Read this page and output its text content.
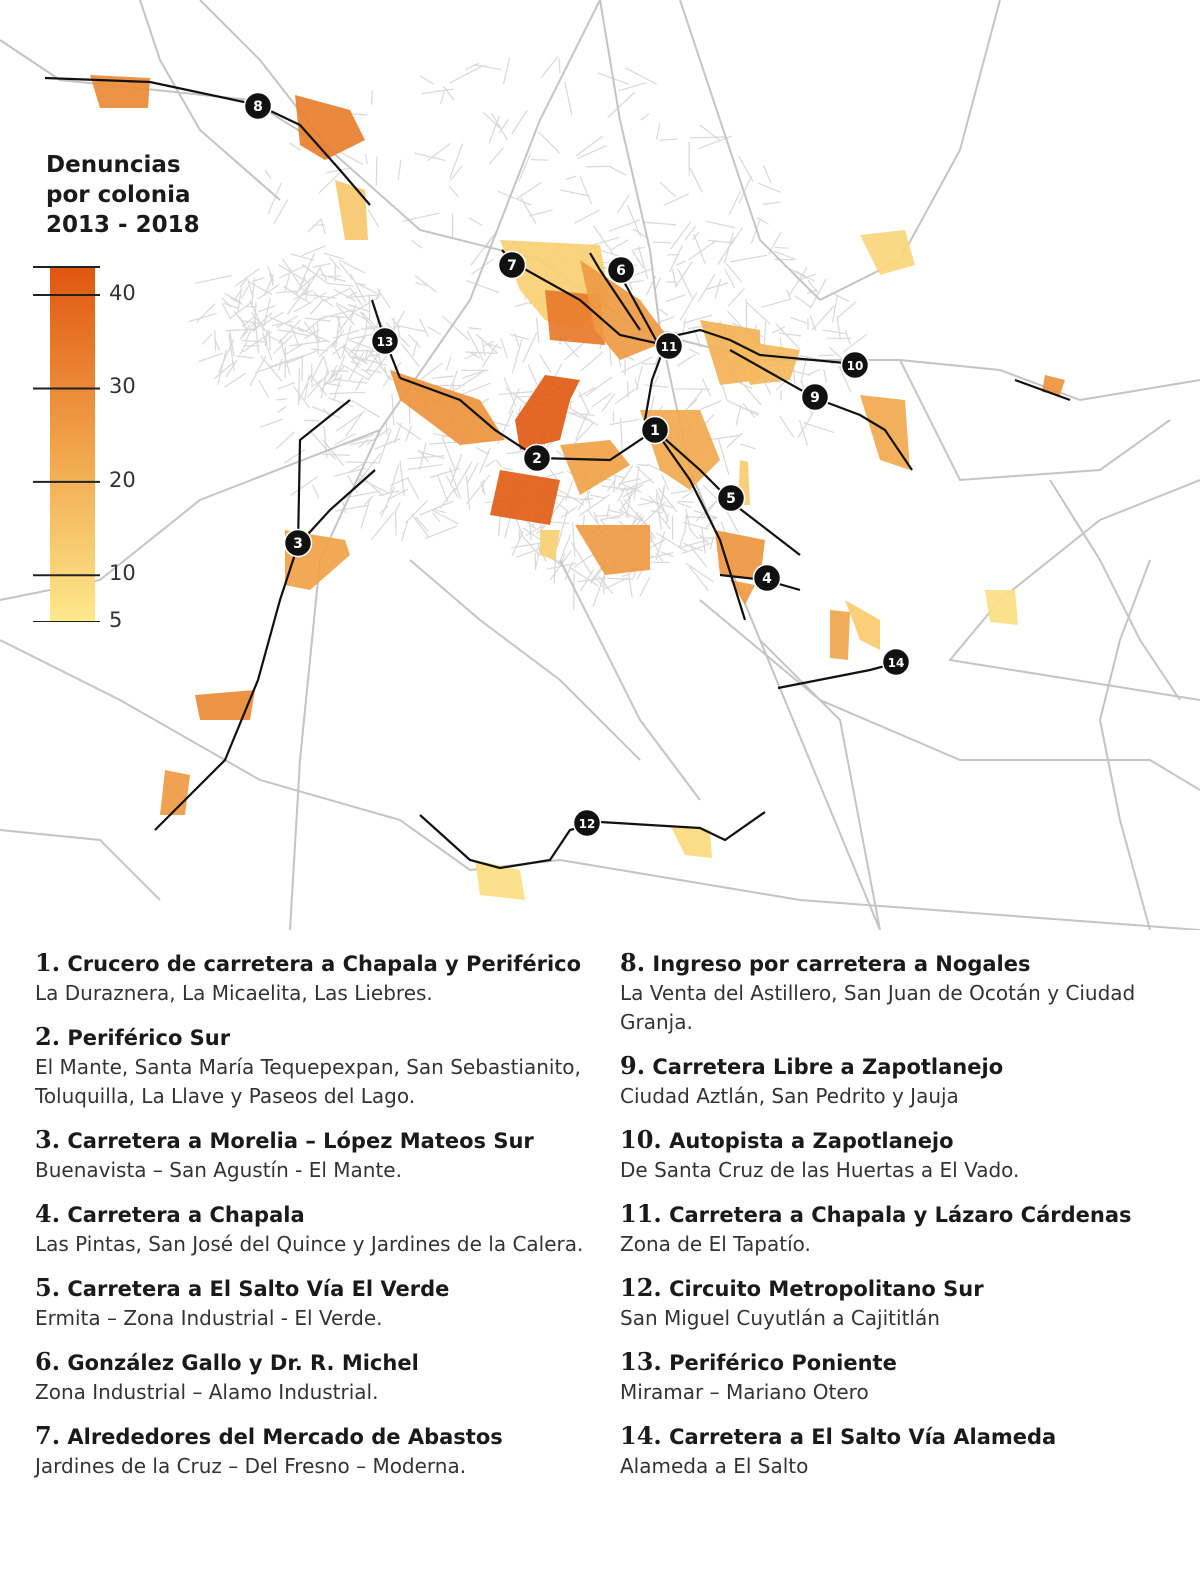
1
2
3
4
5
6
7
8
9
10
11
12
13
14
Denuncias
por colonia
2013 - 2018
40
30
20
10
5
1. Crucero de carretera a Chapala y Periférico
La Duraznera, La Micaelita, Las Liebres.
2. Periférico Sur
El Mante, Santa María Tequepexpan, San Sebastianito, Toluquilla, La Llave y Paseos del Lago.
3. Carretera a Morelia – López Mateos Sur
Buenavista – San Agustín - El Mante.
4. Carretera a Chapala
Las Pintas, San José del Quince y Jardines de la Calera.
5. Carretera a El Salto Vía El Verde
Ermita – Zona Industrial - El Verde.
6. González Gallo y Dr. R. Michel
Zona Industrial – Alamo Industrial.
7. Alrededores del Mercado de Abastos
Jardines de la Cruz – Del Fresno – Moderna.
8. Ingreso por carretera a Nogales
La Venta del Astillero, San Juan de Ocotán y Ciudad Granja.
9. Carretera Libre a Zapotlanejo
Ciudad Aztlán, San Pedrito y Jauja
10. Autopista a Zapotlanejo
De Santa Cruz de las Huertas a El Vado.
11. Carretera a Chapala y Lázaro Cárdenas
Zona de El Tapatío.
12. Circuito Metropolitano Sur
San Miguel Cuyutlán a Cajititlán
13. Periférico Poniente
Miramar – Mariano Otero
14. Carretera a El Salto Vía Alameda
Alameda a El Salto
